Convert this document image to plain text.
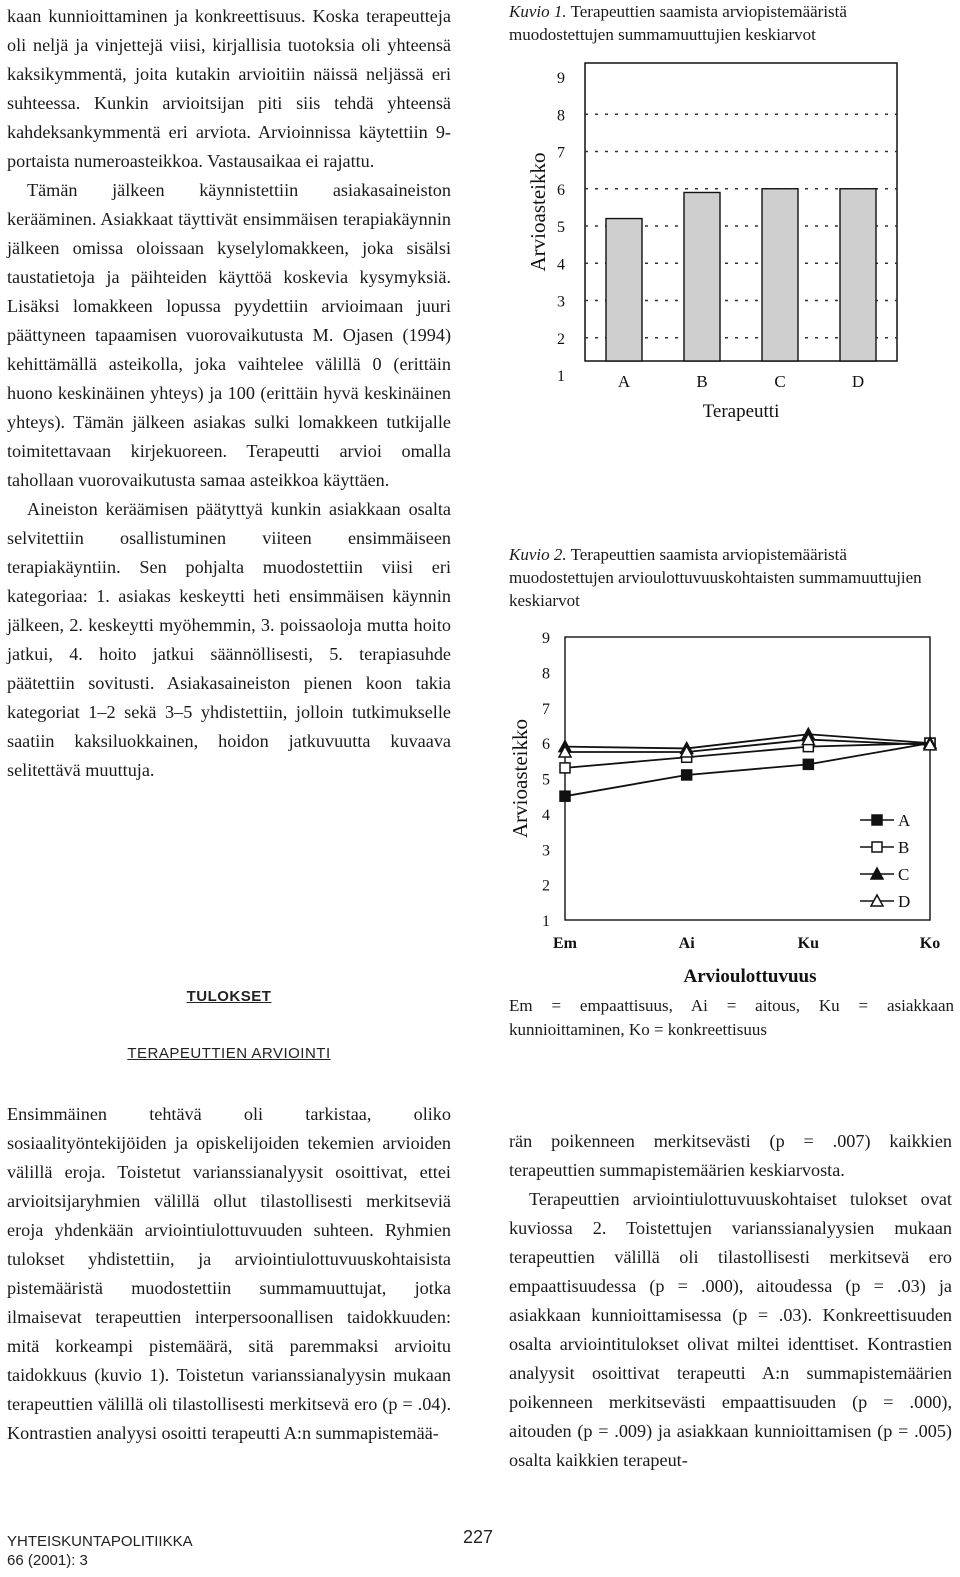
kaan kunnioittaminen ja konkreettisuus. Koska terapeutteja oli neljä ja vinjettejä viisi, kirjallisia tuotoksia oli yhteensä kaksikymmentä, joita kutakin arvioitiin näissä neljässä eri suhteessa. Kunkin arvioitsijan piti siis tehdä yhteensä kahdeksankymmentä eri arviota. Arvioinnissa käytettiin 9-portaista numeroasteikkoa. Vastausaikaa ei rajattu.

Tämän jälkeen käynnistettiin asiakasaineiston kerääminen. Asiakkaat täyttivät ensimmäisen terapiakäynnin jälkeen omissa oloissaan kyselylomakkeen, joka sisälsi taustatietoja ja päihteiden käyttöä koskevia kysymyksiä. Lisäksi lomakkeen lopussa pyydettiin arvioimaan juuri päättyneen tapaamisen vuorovaikutusta M. Ojasen (1994) kehittämällä asteikolla, joka vaihtelee välillä 0 (erittäin huono keskinäinen yhteys) ja 100 (erittäin hyvä keskinäinen yhteys). Tämän jälkeen asiakas sulki lomakkeen tutkijalle toimitettavaan kirjekuoreen. Terapeutti arvioi omalla tahollaan vuorovaikutusta samaa asteikkoa käyttäen.

Aineiston keräämisen päätyttyä kunkin asiakkaan osalta selvitettiin osallistuminen viiteen ensimmäiseen terapiakäyntiin. Sen pohjalta muodostettiin viisi eri kategoriaa: 1. asiakas keskeytti heti ensimmäisen käynnin jälkeen, 2. keskeytti myöhemmin, 3. poissaoloja mutta hoito jatkui, 4. hoito jatkui säännöllisesti, 5. terapiasuhde päätettiin sovitusti. Asiakasaineiston pienen koon takia kategoriat 1–2 sekä 3–5 yhdistettiin, jolloin tutkimukselle saatiin kaksiluokkainen, hoidon jatkuvuutta kuvaava selitettävä muuttuja.

TULOKSET
TERAPEUTTIEN ARVIOINTI

Ensimmäinen tehtävä oli tarkistaa, oliko sosiaalityöntekijöiden ja opiskelijoiden tekemien arvioiden välillä eroja. Toistetut varianssianalyysit osoittivat, ettei arvioitsijaryhmien välillä ollut tilastollisesti merkitseviä eroja yhdenkään arviointiulottuvuuden suhteen. Ryhmien tulokset yhdistettiin, ja arviointiulottuvuuskohtaisista pistemääristä muodostettiin summamuuttujat, jotka ilmaisevat terapeuttien interpersoonallisen taidokkuuden: mitä korkeampi pistemäärä, sitä paremmaksi arvioitu taidokkuus (kuvio 1). Toistetun varianssianalyysin mukaan terapeuttien välillä oli tilastollisesti merkitsevä ero (p = .04). Kontrastien analyysi osoitti terapeutti A:n summapistemää-

rän poikenneen merkitsevästi (p = .007) kaikkien terapeuttien summapistemäärien keskiarvosta.

Terapeuttien arviointiulottuvuuskohtaiset tulokset ovat kuviossa 2. Toistettujen varianssianalyysien mukaan terapeuttien välillä oli tilastollisesti merkitsevä ero empaattisuudessa (p = .000), aitoudessa (p = .03) ja asiakkaan kunnioittamisessa (p = .03). Konkreettisuuden osalta arviointitulokset olivat miltei identtiset. Kontrastien analyysit osoittivat terapeutti A:n summapistemäärien poikenneen merkitsevästi empaattisuuden (p = .000), aitouden (p = .009) ja asiakkaan kunnioittamisen (p = .005) osalta kaikkien terapeut-

Kuvio 1. Terapeuttien saamista arviopistemääristä muodostettujen summamuuttujien keskiarvot
1
2
3
4
5
6
7
8
9
A	B	C	D
Terapeutti
Arvioasteikko
Kuvio 2. Terapeuttien saamista arviopistemääristä muodostettujen arvioulottuvuuskohtaisten summamuuttujien keskiarvot
1
2
3
4
5
6
7
8
9
Em	Ai	Ku	Ko
Arvioulottuvuus
Arvioasteikko	A
B
C
D
Em = empaattisuus, Ai = aitous, Ku = asiakkaan kunnioittaminen, Ko = konkreettisuus
YHTEISKUNTAPOLITIIKKA
66 (2001): 3
227
